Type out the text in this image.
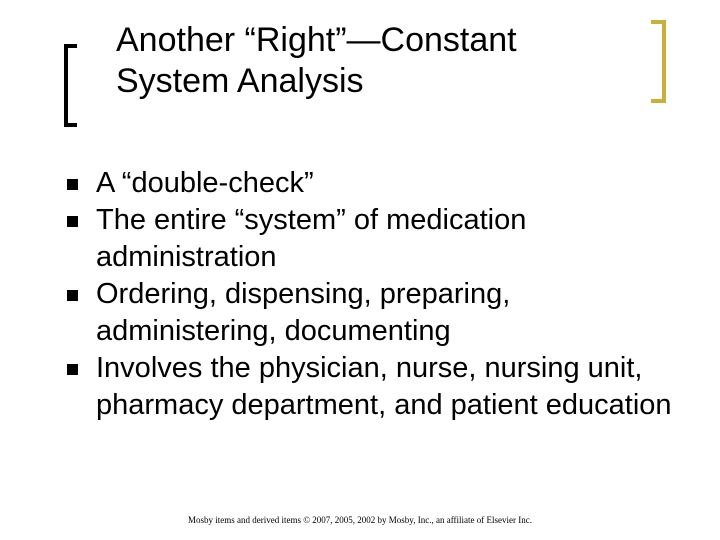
Another “Right”—Constant
System Analysis
A “double-check”
The entire “system” of medication administration
Ordering, dispensing, preparing, administering, documenting
Involves the physician, nurse, nursing unit, pharmacy department, and patient education
Mosby items and derived items © 2007, 2005, 2002 by Mosby, Inc., an affiliate of Elsevier Inc.
